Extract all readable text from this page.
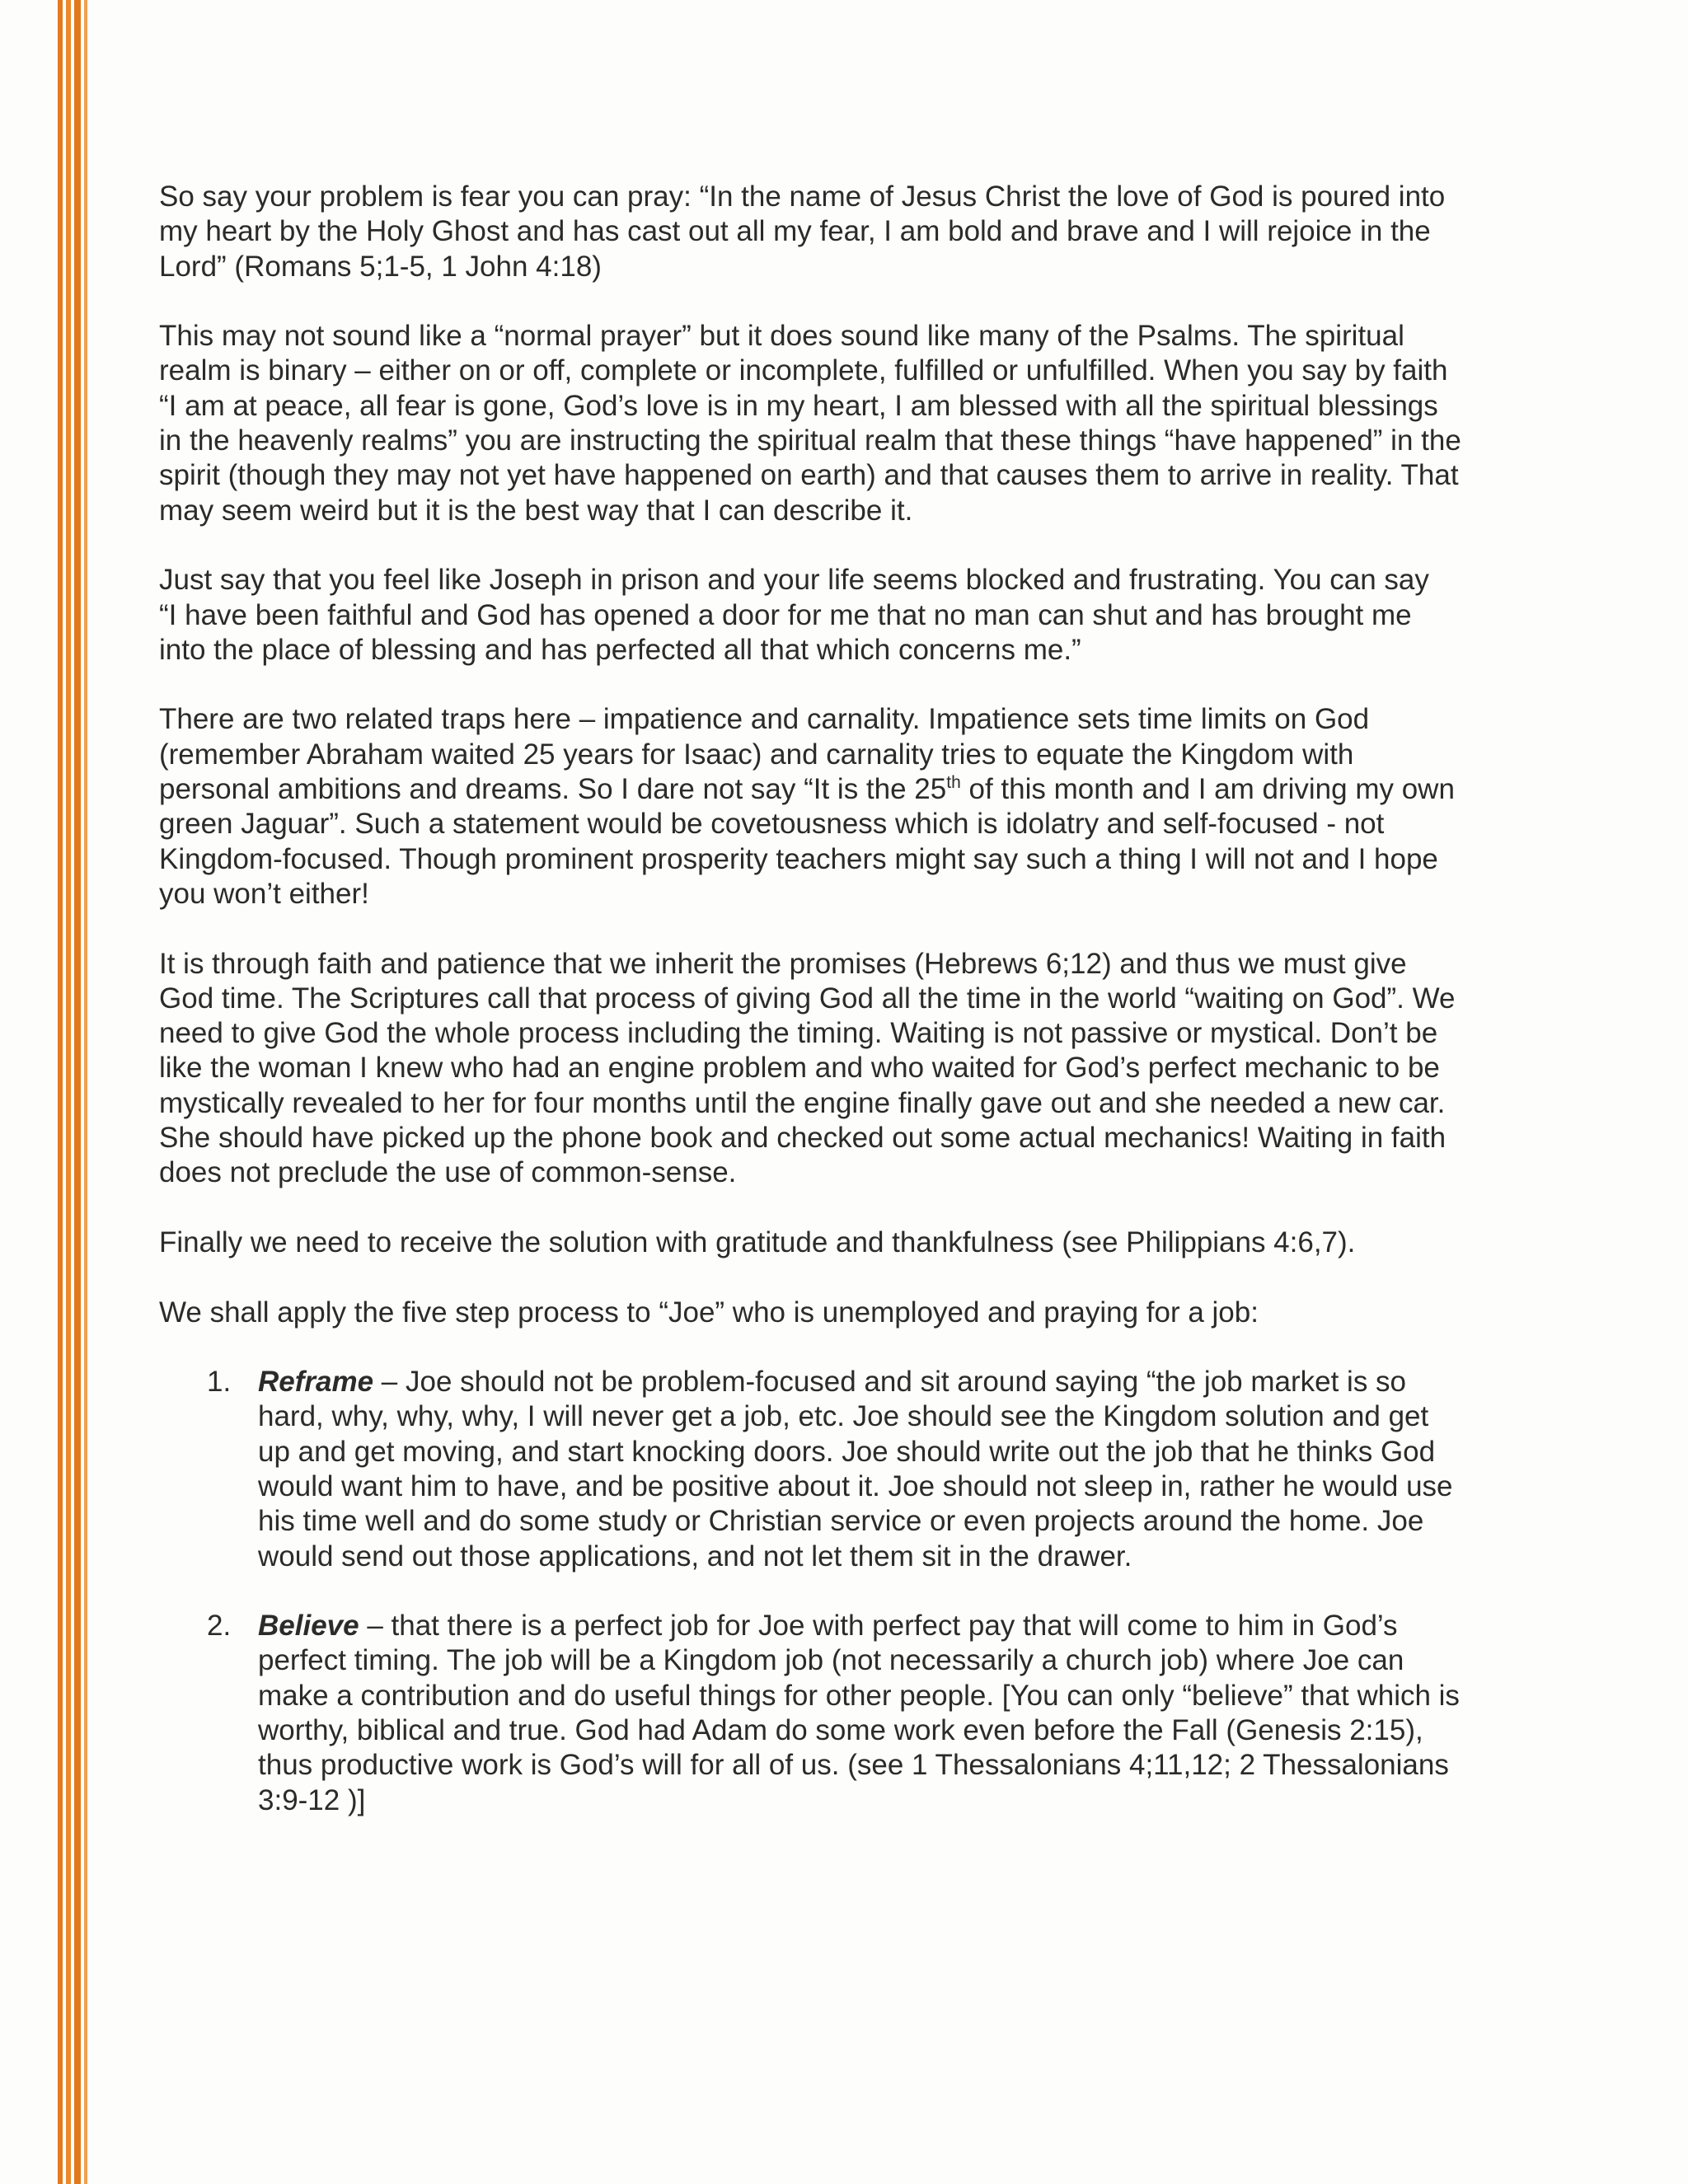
So say your problem is fear you can pray: “In the name of Jesus Christ the love of God is poured into
my heart by the Holy Ghost and has cast out all my fear, I am bold and brave and I will rejoice in the
Lord” (Romans 5;1-5, 1 John 4:18)

This may not sound like a “normal prayer” but it does sound like many of the Psalms. The spiritual
realm is binary – either on or off, complete or incomplete, fulfilled or unfulfilled. When you say by faith
“I am at peace, all fear is gone, God’s love is in my heart, I am blessed with all the spiritual blessings
in the heavenly realms” you are instructing the spiritual realm that these things “have happened” in the
spirit (though they may not yet have happened on earth) and that causes them to arrive in reality. That
may seem weird but it is the best way that I can describe it.

Just say that you feel like Joseph in prison and your life seems blocked and frustrating. You can say
“I have been faithful and God has opened a door for me that no man can shut and has brought me
into the place of blessing and has perfected all that which concerns me.”

There are two related traps here – impatience and carnality. Impatience sets time limits on God
(remember Abraham waited 25 years for Isaac) and carnality tries to equate the Kingdom with
personal ambitions and dreams. So I dare not say “It is the 25th of this month and I am driving my own
green Jaguar”. Such a statement would be covetousness which is idolatry and self-focused - not
Kingdom-focused. Though prominent prosperity teachers might say such a thing I will not and I hope
you won’t either!

It is through faith and patience that we inherit the promises (Hebrews 6;12) and thus we must give
God time. The Scriptures call that process of giving God all the time in the world “waiting on God”. We
need to give God the whole process including the timing. Waiting is not passive or mystical. Don’t be
like the woman I knew who had an engine problem and who waited for God’s perfect mechanic to be
mystically revealed to her for four months until the engine finally gave out and she needed a new car.
She should have picked up the phone book and checked out some actual mechanics! Waiting in faith
does not preclude the use of common-sense.

Finally we need to receive the solution with gratitude and thankfulness (see Philippians 4:6,7).

We shall apply the five step process to “Joe” who is unemployed and praying for a job:

1. Reframe – Joe should not be problem-focused and sit around saying “the job market is so
hard, why, why, why, I will never get a job, etc. Joe should see the Kingdom solution and get
up and get moving, and start knocking doors. Joe should write out the job that he thinks God
would want him to have, and be positive about it. Joe should not sleep in, rather he would use
his time well and do some study or Christian service or even projects around the home. Joe
would send out those applications, and not let them sit in the drawer.
2. Believe – that there is a perfect job for Joe with perfect pay that will come to him in God’s
perfect timing. The job will be a Kingdom job (not necessarily a church job) where Joe can
make a contribution and do useful things for other people. [You can only “believe” that which is
worthy, biblical and true. God had Adam do some work even before the Fall (Genesis 2:15),
thus productive work is God’s will for all of us. (see 1 Thessalonians 4;11,12; 2 Thessalonians
3:9-12 )]
